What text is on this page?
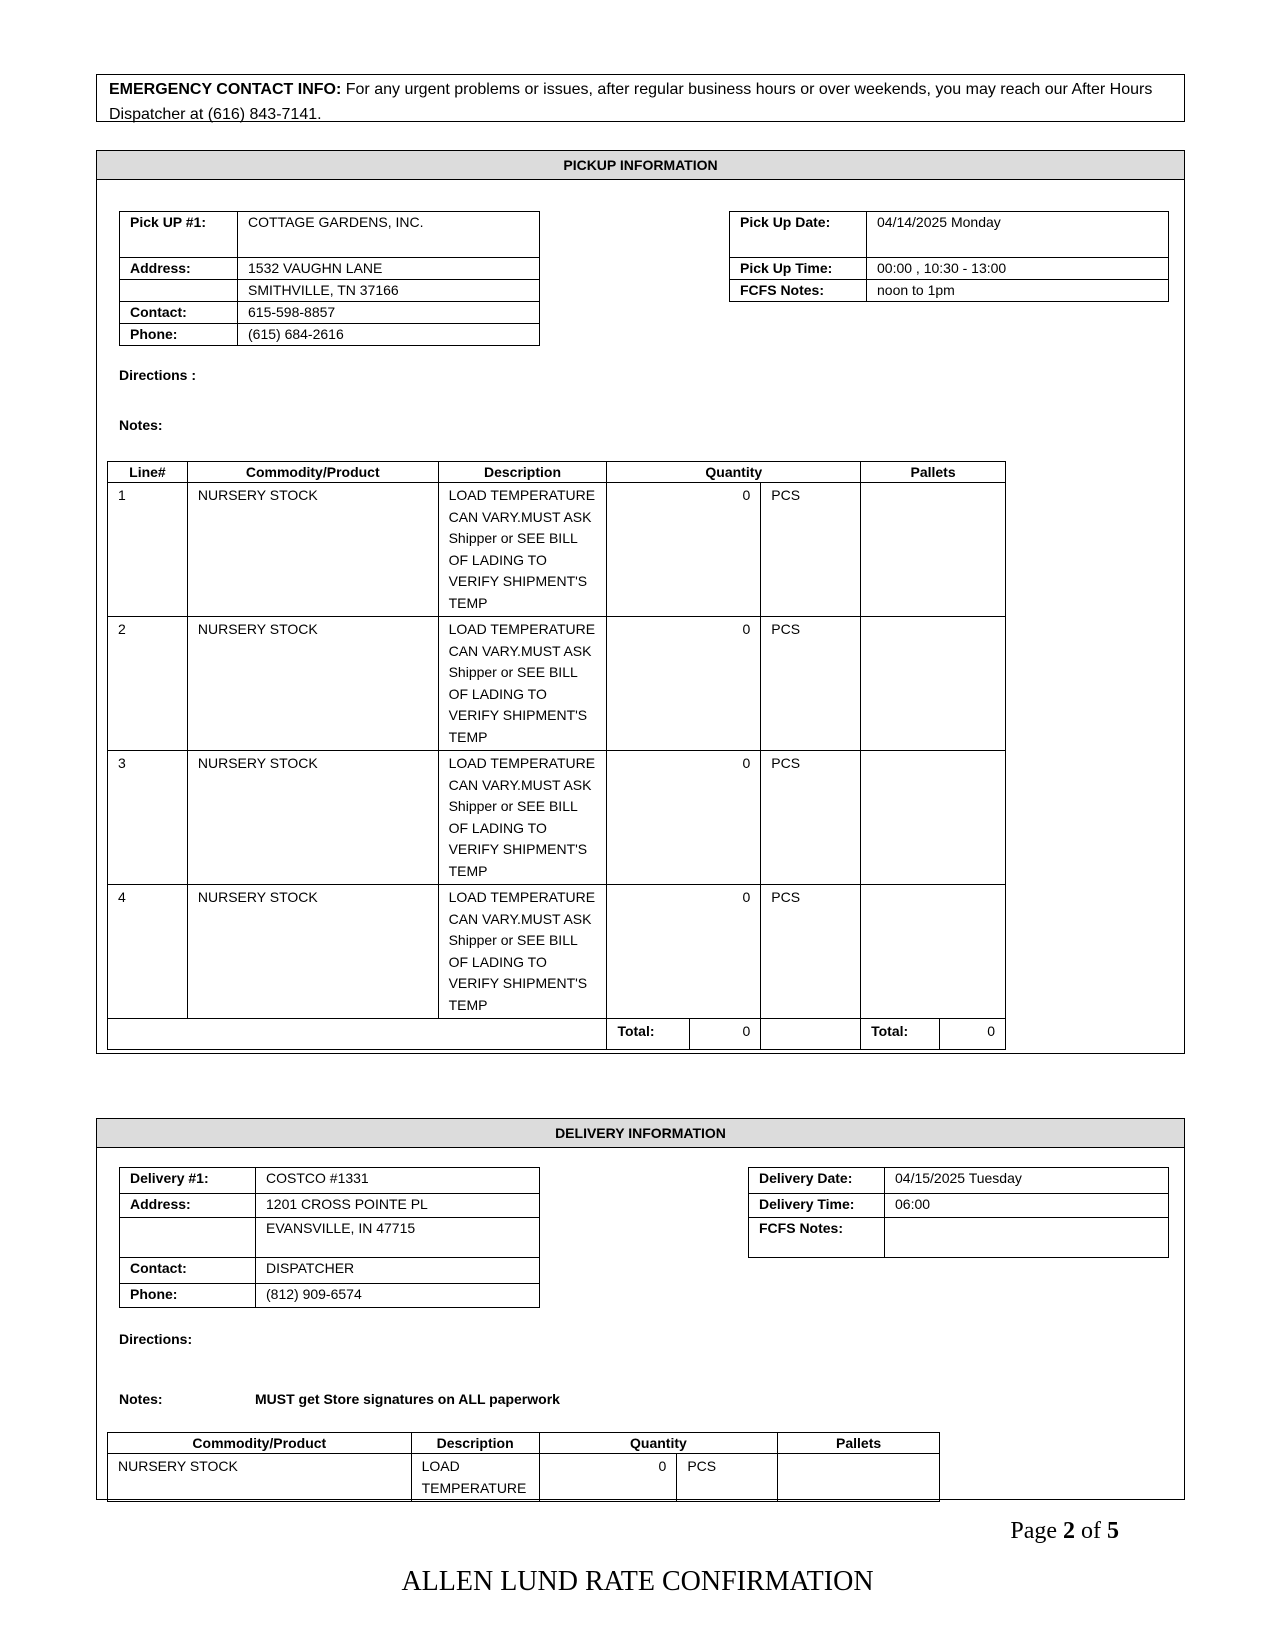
EMERGENCY CONTACT INFO: For any urgent problems or issues, after regular business hours or over weekends, you may reach our After Hours Dispatcher at (616) 843-7141.
PICKUP INFORMATION
Pick UP #1:	COTTAGE GARDENS, INC.
Address:	1532 VAUGHN LANE
	SMITHVILLE, TN 37166
Contact:	615-598-8857
Phone:	(615) 684-2616
Pick Up Date:	04/14/2025 Monday
Pick Up Time:	00:00 , 10:30 - 13:00
FCFS Notes:	noon to 1pm
Directions :
Notes:
Line#	Commodity/Product	Description	Quantity			Pallets	
1	NURSERY STOCK	LOAD TEMPERATURE CAN VARY.MUST ASK Shipper or SEE BILL OF LADING TO VERIFY SHIPMENT'S TEMP	0		PCS		
2	NURSERY STOCK	LOAD TEMPERATURE CAN VARY.MUST ASK Shipper or SEE BILL OF LADING TO VERIFY SHIPMENT'S TEMP	0		PCS		
3	NURSERY STOCK	LOAD TEMPERATURE CAN VARY.MUST ASK Shipper or SEE BILL OF LADING TO VERIFY SHIPMENT'S TEMP	0		PCS		
4	NURSERY STOCK	LOAD TEMPERATURE CAN VARY.MUST ASK Shipper or SEE BILL OF LADING TO VERIFY SHIPMENT'S TEMP	0		PCS		
			Total:	0		Total:	0
DELIVERY INFORMATION
Delivery #1:	COSTCO #1331
Address:	1201 CROSS POINTE PL
	EVANSVILLE, IN 47715
Contact:	DISPATCHER
Phone:	(812) 909-6574
Delivery Date:	04/15/2025 Tuesday
Delivery Time:	06:00
FCFS Notes:	
Directions:
Notes:	MUST get Store signatures on ALL paperwork
Commodity/Product	Description	Quantity		Pallets
NURSERY STOCK	LOAD TEMPERATURE	0	PCS	
Page 2 of 5
ALLEN LUND RATE CONFIRMATION
